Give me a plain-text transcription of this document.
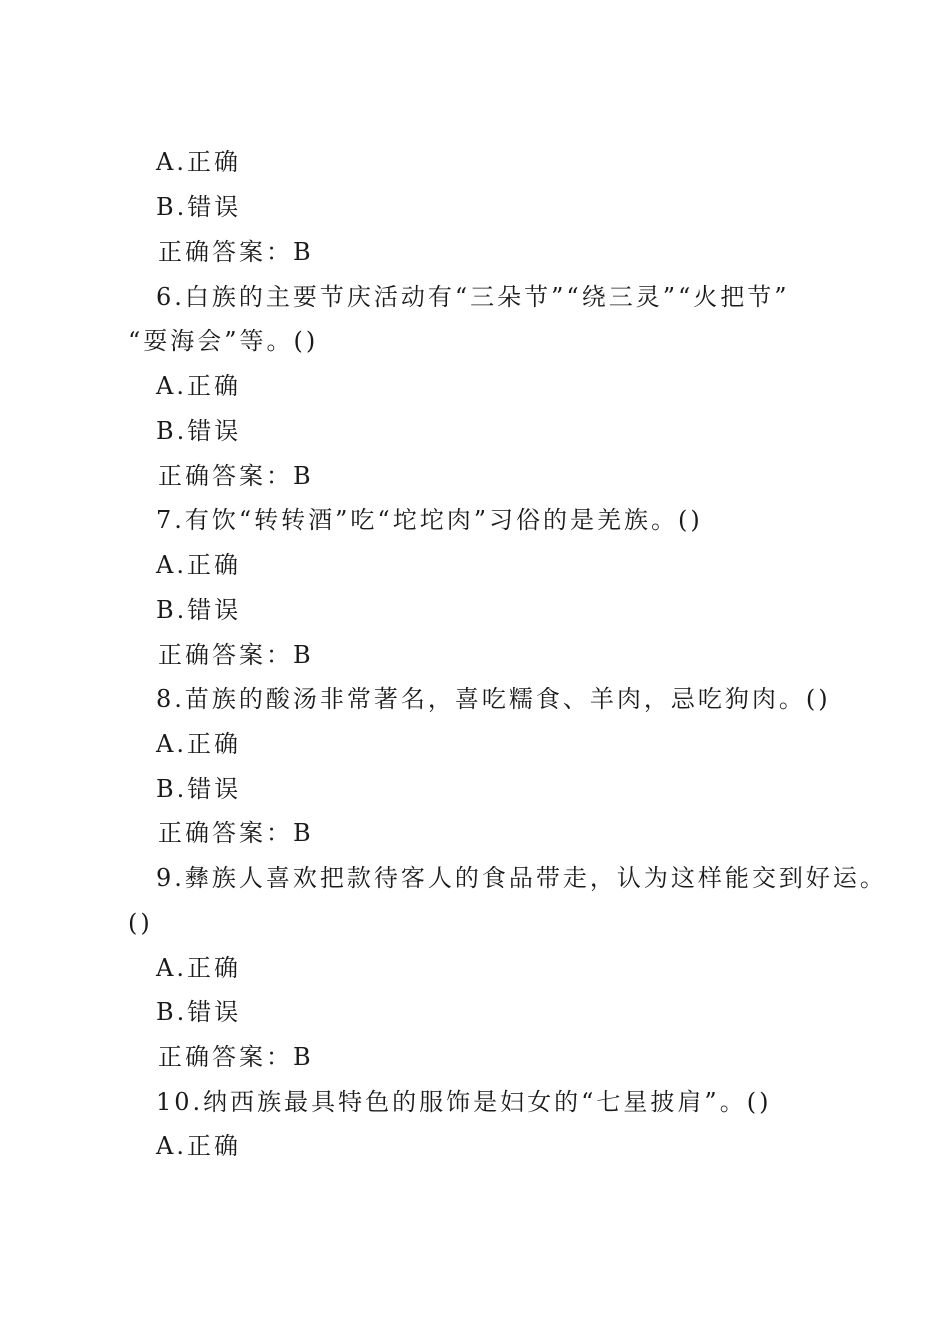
A.正确
B.错误
正确答案：B
6.白族的主要节庆活动有“三朵节”“绕三灵”“火把节”
“耍海会”等。()
A.正确
B.错误
正确答案：B
7.有饮“转转酒”吃“坨坨肉”习俗的是羌族。()
A.正确
B.错误
正确答案：B
8.苗族的酸汤非常著名，喜吃糯食、羊肉，忌吃狗肉。()
A.正确
B.错误
正确答案：B
9.彝族人喜欢把款待客人的食品带走，认为这样能交到好运。
()
A.正确
B.错误
正确答案：B
10.纳西族最具特色的服饰是妇女的“七星披肩”。()
A.正确
